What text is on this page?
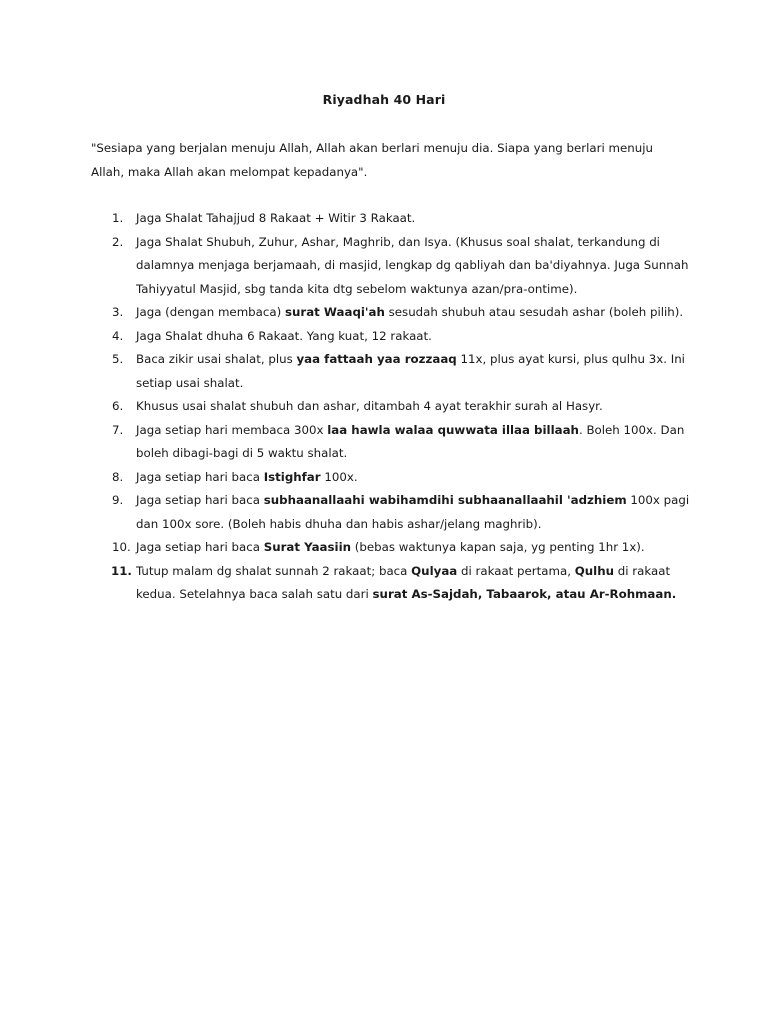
Riyadhah 40 Hari
"Sesiapa yang berjalan menuju Allah, Allah akan berlari menuju dia. Siapa yang berlari menuju Allah, maka Allah akan melompat kepadanya".
1. Jaga Shalat Tahajjud 8 Rakaat + Witir 3 Rakaat.
2. Jaga Shalat Shubuh, Zuhur, Ashar, Maghrib, dan Isya. (Khusus soal shalat, terkandung di dalamnya menjaga berjamaah, di masjid, lengkap dg qabliyah dan ba'diyahnya. Juga Sunnah Tahiyyatul Masjid, sbg tanda kita dtg sebelom waktunya azan/pra-ontime).
3. Jaga (dengan membaca) surat Waaqi'ah sesudah shubuh atau sesudah ashar (boleh pilih).
4. Jaga Shalat dhuha 6 Rakaat. Yang kuat, 12 rakaat.
5. Baca zikir usai shalat, plus yaa fattaah yaa rozzaaq 11x, plus ayat kursi, plus qulhu 3x. Ini setiap usai shalat.
6. Khusus usai shalat shubuh dan ashar, ditambah 4 ayat terakhir surah al Hasyr.
7. Jaga setiap hari membaca 300x laa hawla walaa quwwata illaa billaah. Boleh 100x. Dan boleh dibagi-bagi di 5 waktu shalat.
8. Jaga setiap hari baca Istighfar 100x.
9. Jaga setiap hari baca subhaanallaahi wabihamdihi subhaanallaahil 'adzhiem 100x pagi dan 100x sore. (Boleh habis dhuha dan habis ashar/jelang maghrib).
10. Jaga setiap hari baca Surat Yaasiin (bebas waktunya kapan saja, yg penting 1hr 1x).
11. Tutup malam dg shalat sunnah 2 rakaat; baca Qulyaa di rakaat pertama, Qulhu di rakaat kedua. Setelahnya baca salah satu dari surat As-Sajdah, Tabaarok, atau Ar-Rohmaan.
